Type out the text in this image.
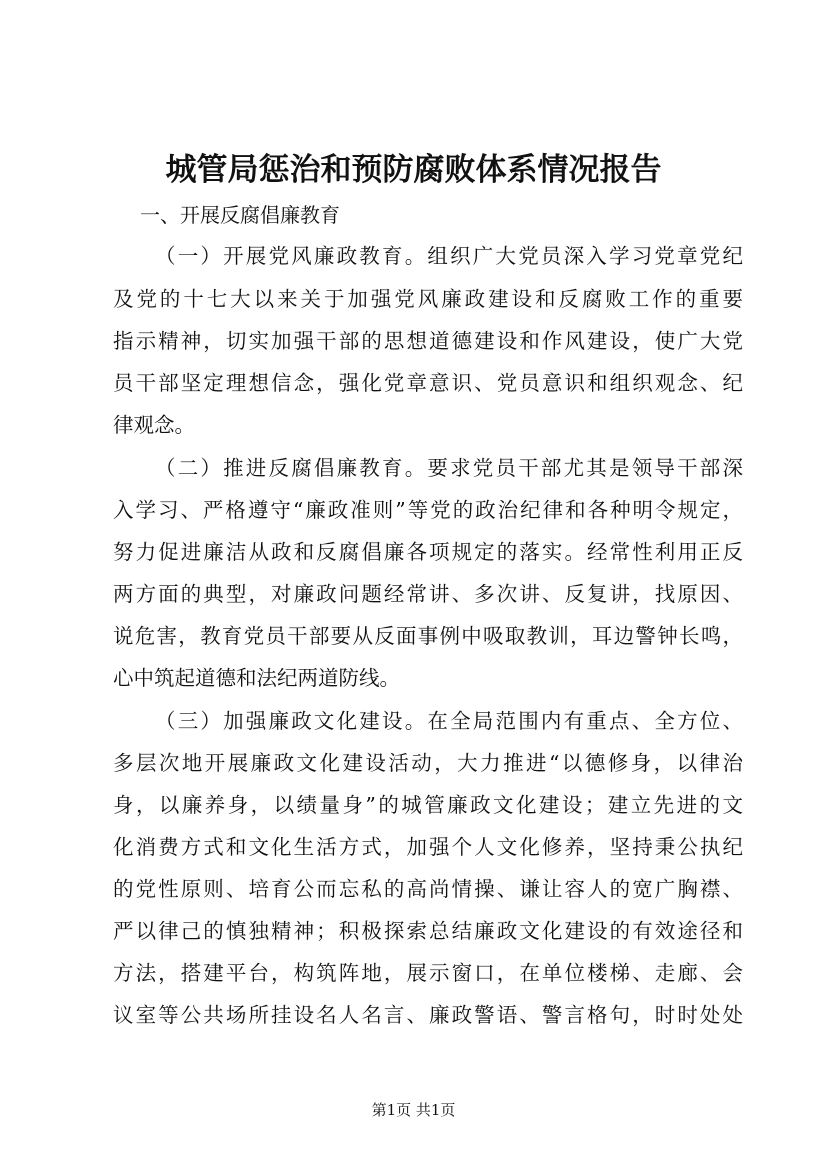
城管局惩治和预防腐败体系情况报告
一、开展反腐倡廉教育
（一）开展党风廉政教育。组织广大党员深入学习党章党纪
及党的十七大以来关于加强党风廉政建设和反腐败工作的重要
指示精神，切实加强干部的思想道德建设和作风建设，使广大党
员干部坚定理想信念，强化党章意识、党员意识和组织观念、纪
律观念。
（二）推进反腐倡廉教育。要求党员干部尤其是领导干部深
入学习、严格遵守“廉政准则”等党的政治纪律和各种明令规定，
努力促进廉洁从政和反腐倡廉各项规定的落实。经常性利用正反
两方面的典型，对廉政问题经常讲、多次讲、反复讲，找原因、
说危害，教育党员干部要从反面事例中吸取教训，耳边警钟长鸣，
心中筑起道德和法纪两道防线。
（三）加强廉政文化建设。在全局范围内有重点、全方位、
多层次地开展廉政文化建设活动，大力推进“以德修身，以律治
身，以廉养身，以绩量身”的城管廉政文化建设；建立先进的文
化消费方式和文化生活方式，加强个人文化修养，坚持秉公执纪
的党性原则、培育公而忘私的高尚情操、谦让容人的宽广胸襟、
严以律己的慎独精神；积极探索总结廉政文化建设的有效途径和
方法，搭建平台，构筑阵地，展示窗口，在单位楼梯、走廊、会
议室等公共场所挂设名人名言、廉政警语、警言格句，时时处处
第1页 共1页
